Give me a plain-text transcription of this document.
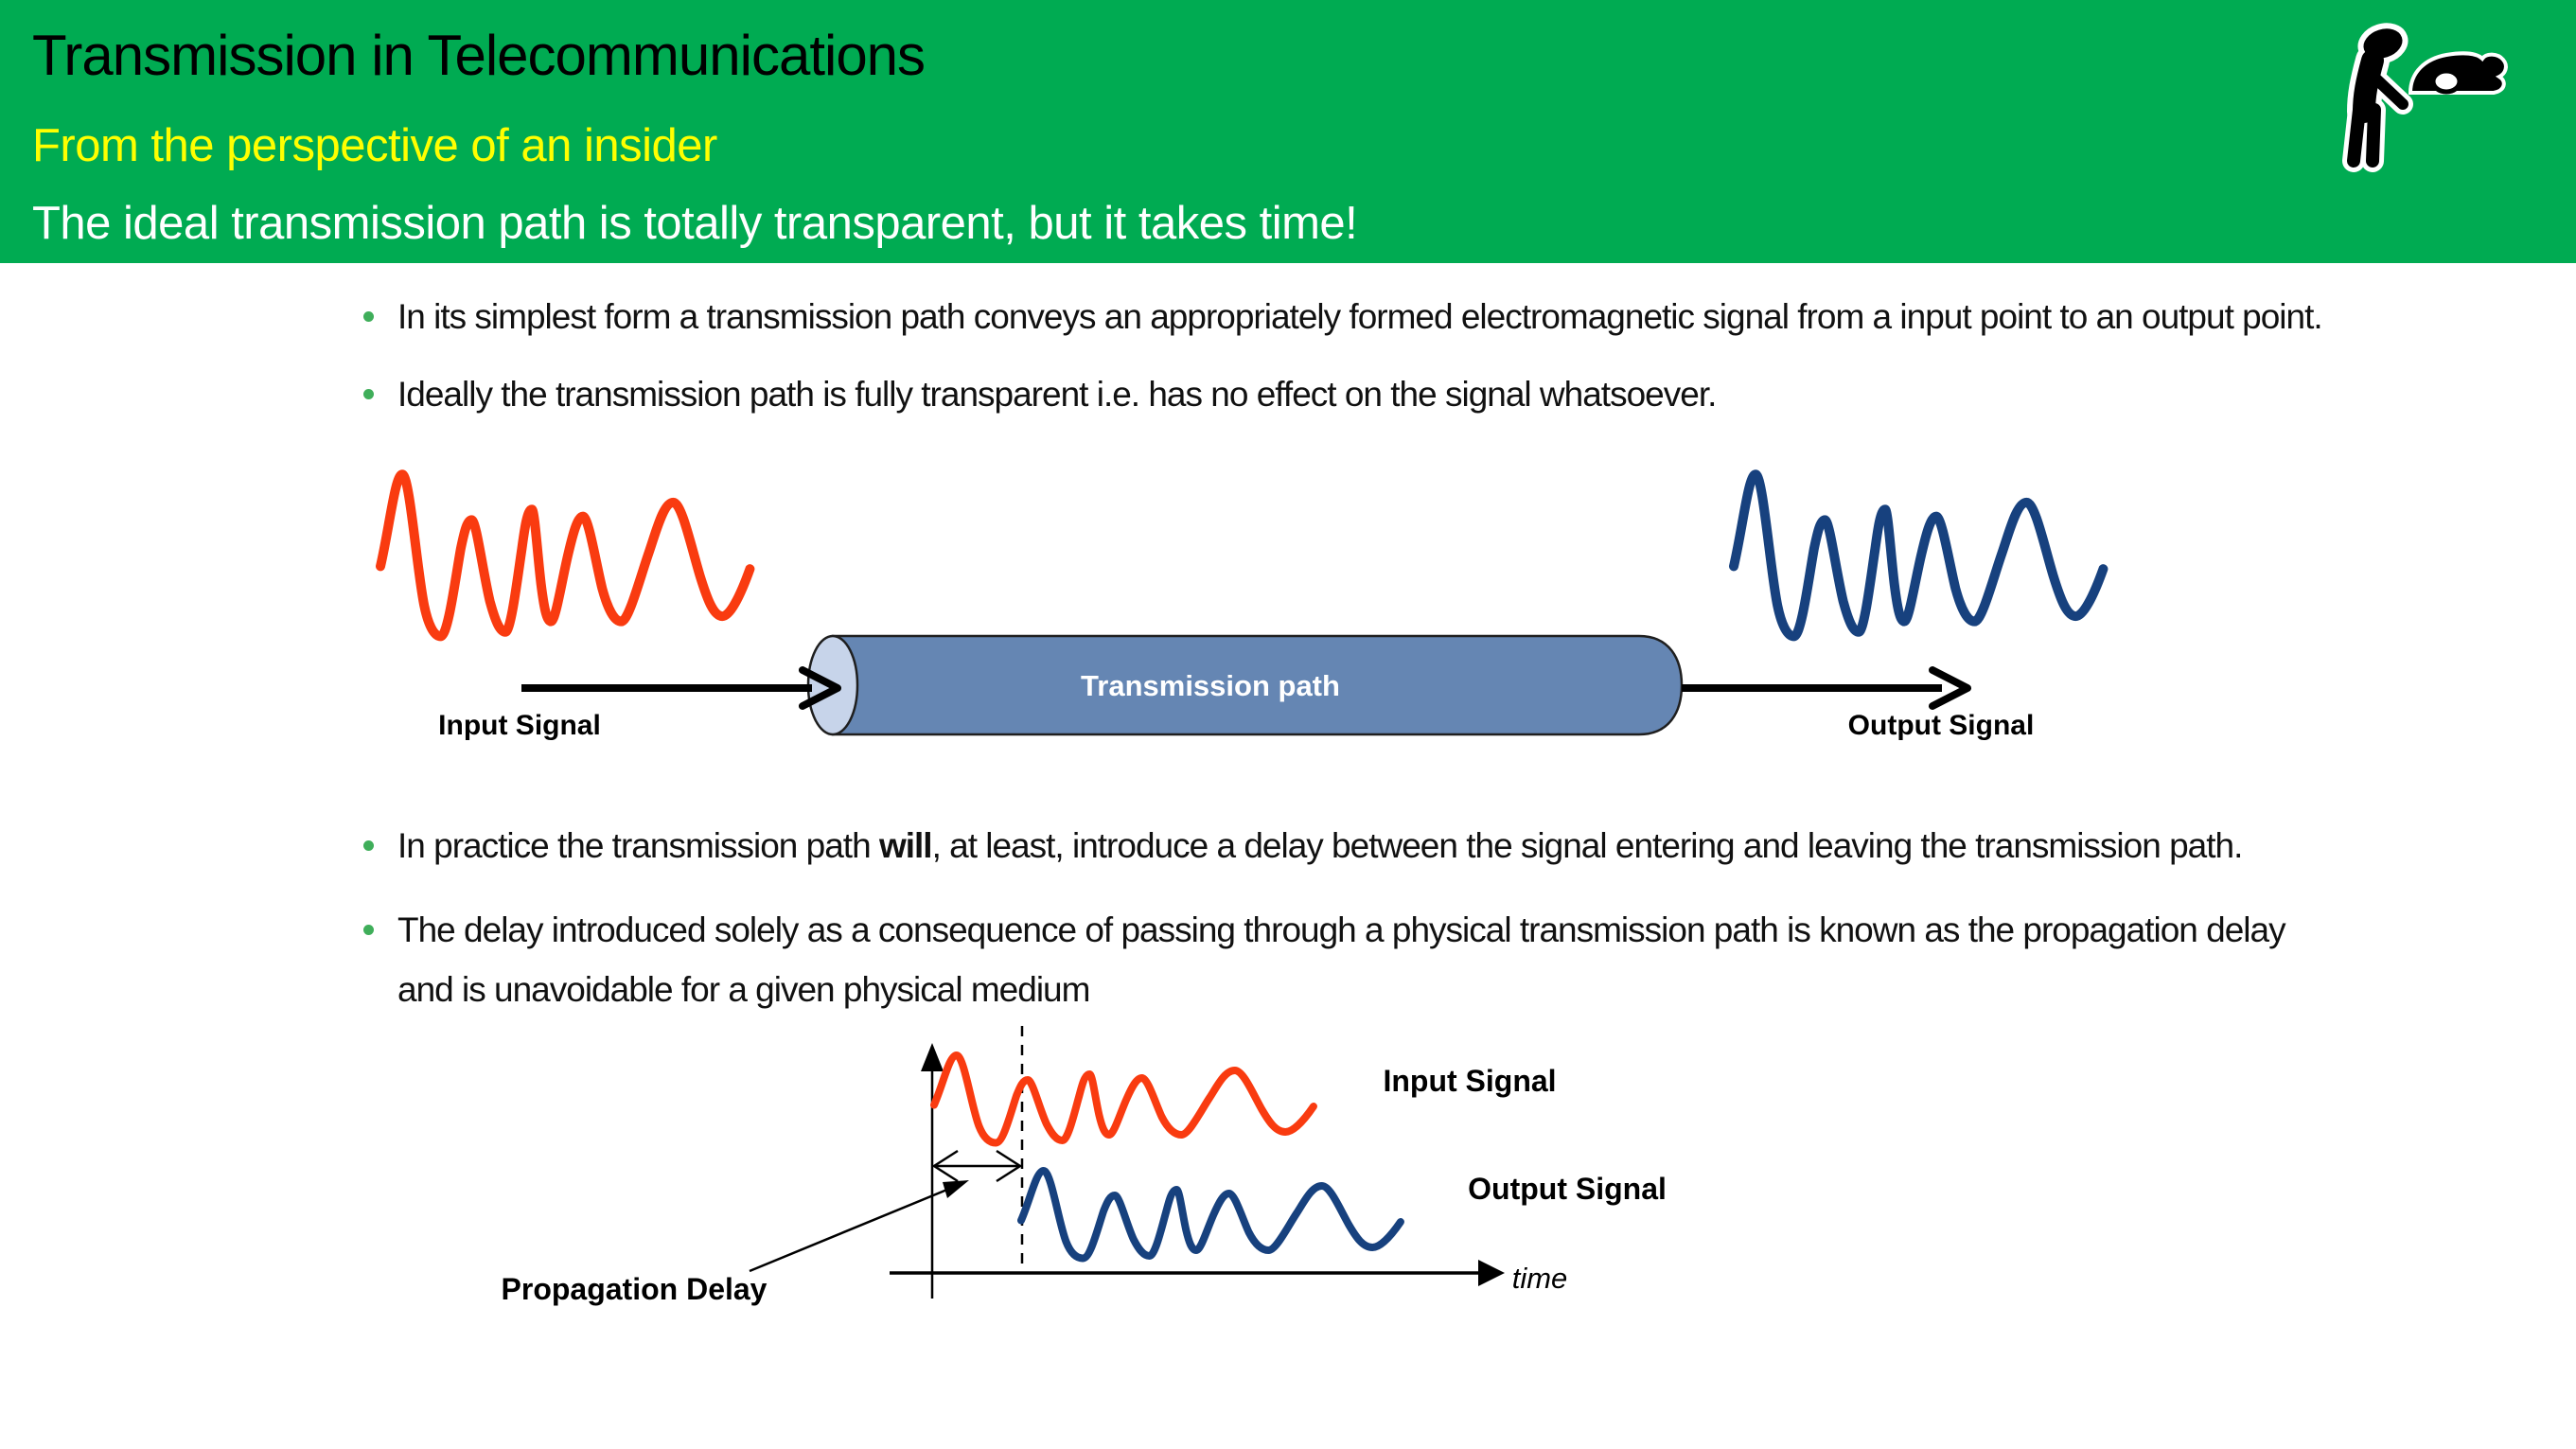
Transmission in Telecommunications
From the perspective of an insider
The ideal transmission path is totally transparent, but it takes time!
In its simplest form a transmission path conveys an appropriately formed electromagnetic signal from a input point to an output point.
Ideally the transmission path is fully transparent i.e. has no effect on the signal whatsoever.
Transmission path
Input Signal	Output Signal
In practice the transmission path will, at least, introduce a delay between the signal entering and leaving the transmission path.
The delay introduced solely as a consequence of passing through a physical transmission path is known as the propagation delay
and is unavoidable for a given physical medium
Input Signal
Output Signal
time
Propagation Delay
